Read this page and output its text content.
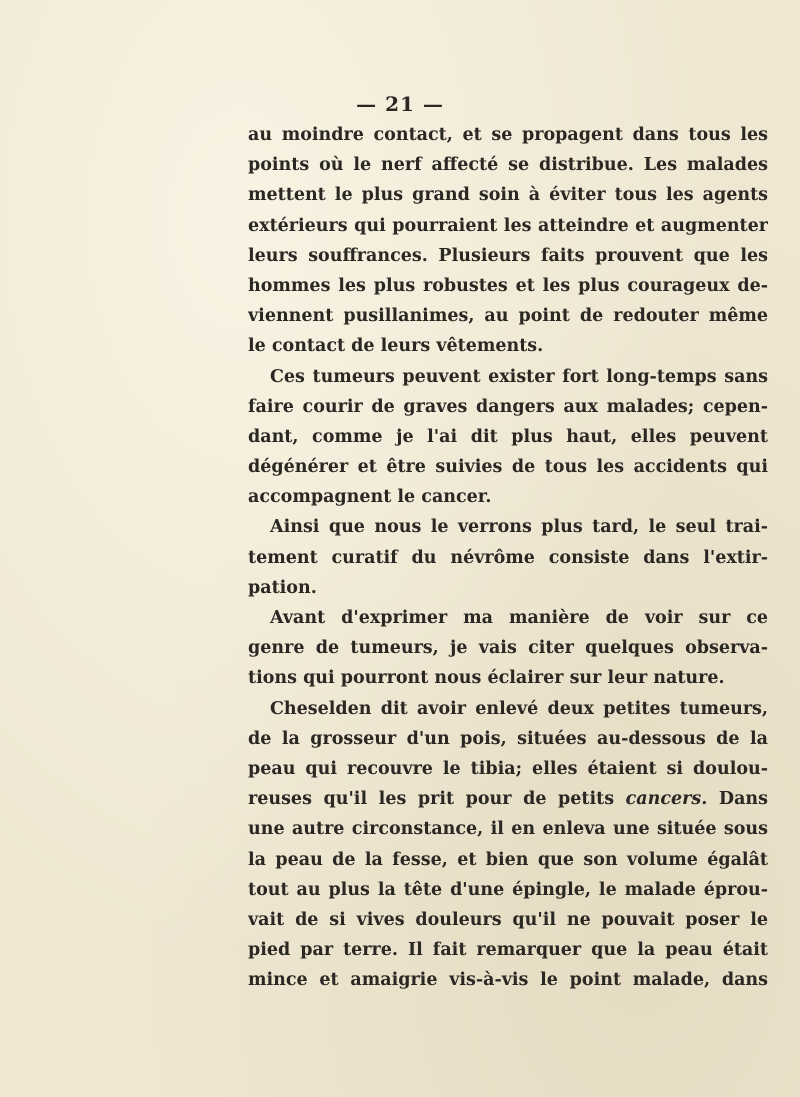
— 21 —
au moindre contact, et se propagent dans tous les
points où le nerf affecté se distribue. Les malades
mettent le plus grand soin à éviter tous les agents
extérieurs qui pourraient les atteindre et augmenter
leurs souffrances. Plusieurs faits prouvent que les
hommes les plus robustes et les plus courageux de-
viennent pusillanimes, au point de redouter même
le contact de leurs vêtements.
Ces tumeurs peuvent exister fort long-temps sans
faire courir de graves dangers aux malades; cepen-
dant, comme je l'ai dit plus haut, elles peuvent
dégénérer et être suivies de tous les accidents qui
accompagnent le cancer.
Ainsi que nous le verrons plus tard, le seul trai-
tement curatif du névrôme consiste dans l'extir-
pation.
Avant d'exprimer ma manière de voir sur ce
genre de tumeurs, je vais citer quelques observa-
tions qui pourront nous éclairer sur leur nature.
Cheselden dit avoir enlevé deux petites tumeurs,
de la grosseur d'un pois, situées au-dessous de la
peau qui recouvre le tibia; elles étaient si doulou-
reuses qu'il les prit pour de petits cancers. Dans
une autre circonstance, il en enleva une située sous
la peau de la fesse, et bien que son volume égalât
tout au plus la tête d'une épingle, le malade éprou-
vait de si vives douleurs qu'il ne pouvait poser le
pied par terre. Il fait remarquer que la peau était
mince et amaigrie vis-à-vis le point malade, dans
